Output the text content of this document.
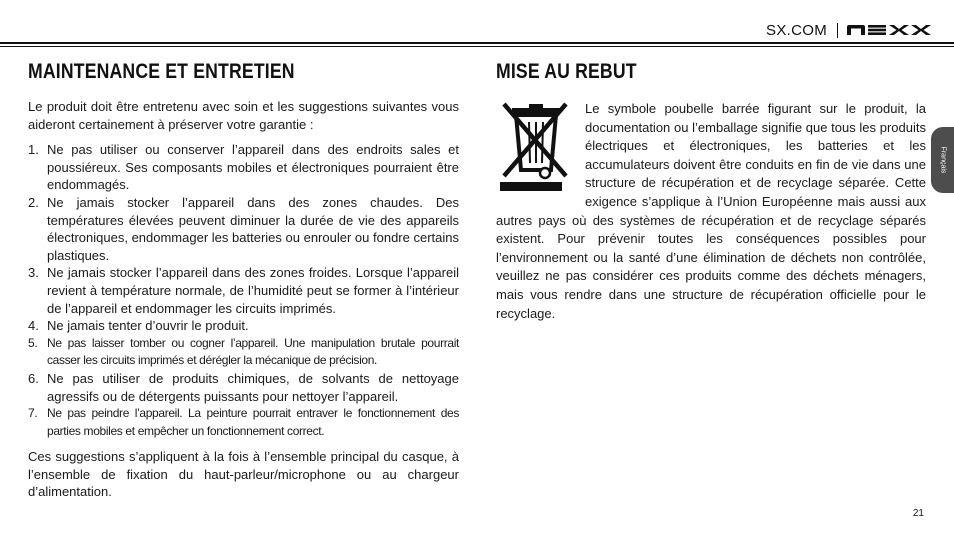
SX.COM
MAINTENANCE ET ENTRETIEN

Le produit doit être entretenu avec soin et les suggestions suivantes vous aideront certainement à préserver votre garantie :

1. Ne pas utiliser ou conserver l’appareil dans des endroits sales et poussiéreux. Ses composants mobiles et électroniques pourraient être endommagés.
2. Ne jamais stocker l’appareil dans des zones chaudes. Des températures élevées peuvent diminuer la durée de vie des appareils électroniques, endommager les batteries ou enrouler ou fondre certains plastiques.
3. Ne jamais stocker l’appareil dans des zones froides. Lorsque l’appareil revient à température normale, de l’humidité peut se former à l’intérieur de l’appareil et endommager les circuits imprimés.
4. Ne jamais tenter d’ouvrir le produit.
5. Ne pas laisser tomber ou cogner l’appareil. Une manipulation brutale pourrait casser les circuits imprimés et dérégler la mécanique de précision.
6. Ne pas utiliser de produits chimiques, de solvants de nettoyage agressifs ou de détergents puissants pour nettoyer l’appareil.
7. Ne pas peindre l’appareil. La peinture pourrait entraver le fonctionnement des parties mobiles et empêcher un fonctionnement correct.

Ces suggestions s’appliquent à la fois à l’ensemble principal du casque, à l’ensemble de fixation du haut-parleur/microphone ou au chargeur d’alimentation.

MISE AU REBUT

Le symbole poubelle barrée figurant sur le produit, la documentation ou l’emballage signifie que tous les produits électriques et électroniques, les batteries et les accumulateurs doivent être conduits en fin de vie dans une structure de récupération et de recyclage séparée. Cette exigence s’applique à l’Union Européenne mais aussi aux autres pays où des systèmes de récupération et de recyclage séparés existent. Pour prévenir toutes les conséquences possibles pour l’environnement ou la santé d’une élimination de déchets non contrôlée, veuillez ne pas considérer ces produits comme des déchets ménagers, mais vous rendre dans une structure de récupération officielle pour le recyclage.

Français
21
